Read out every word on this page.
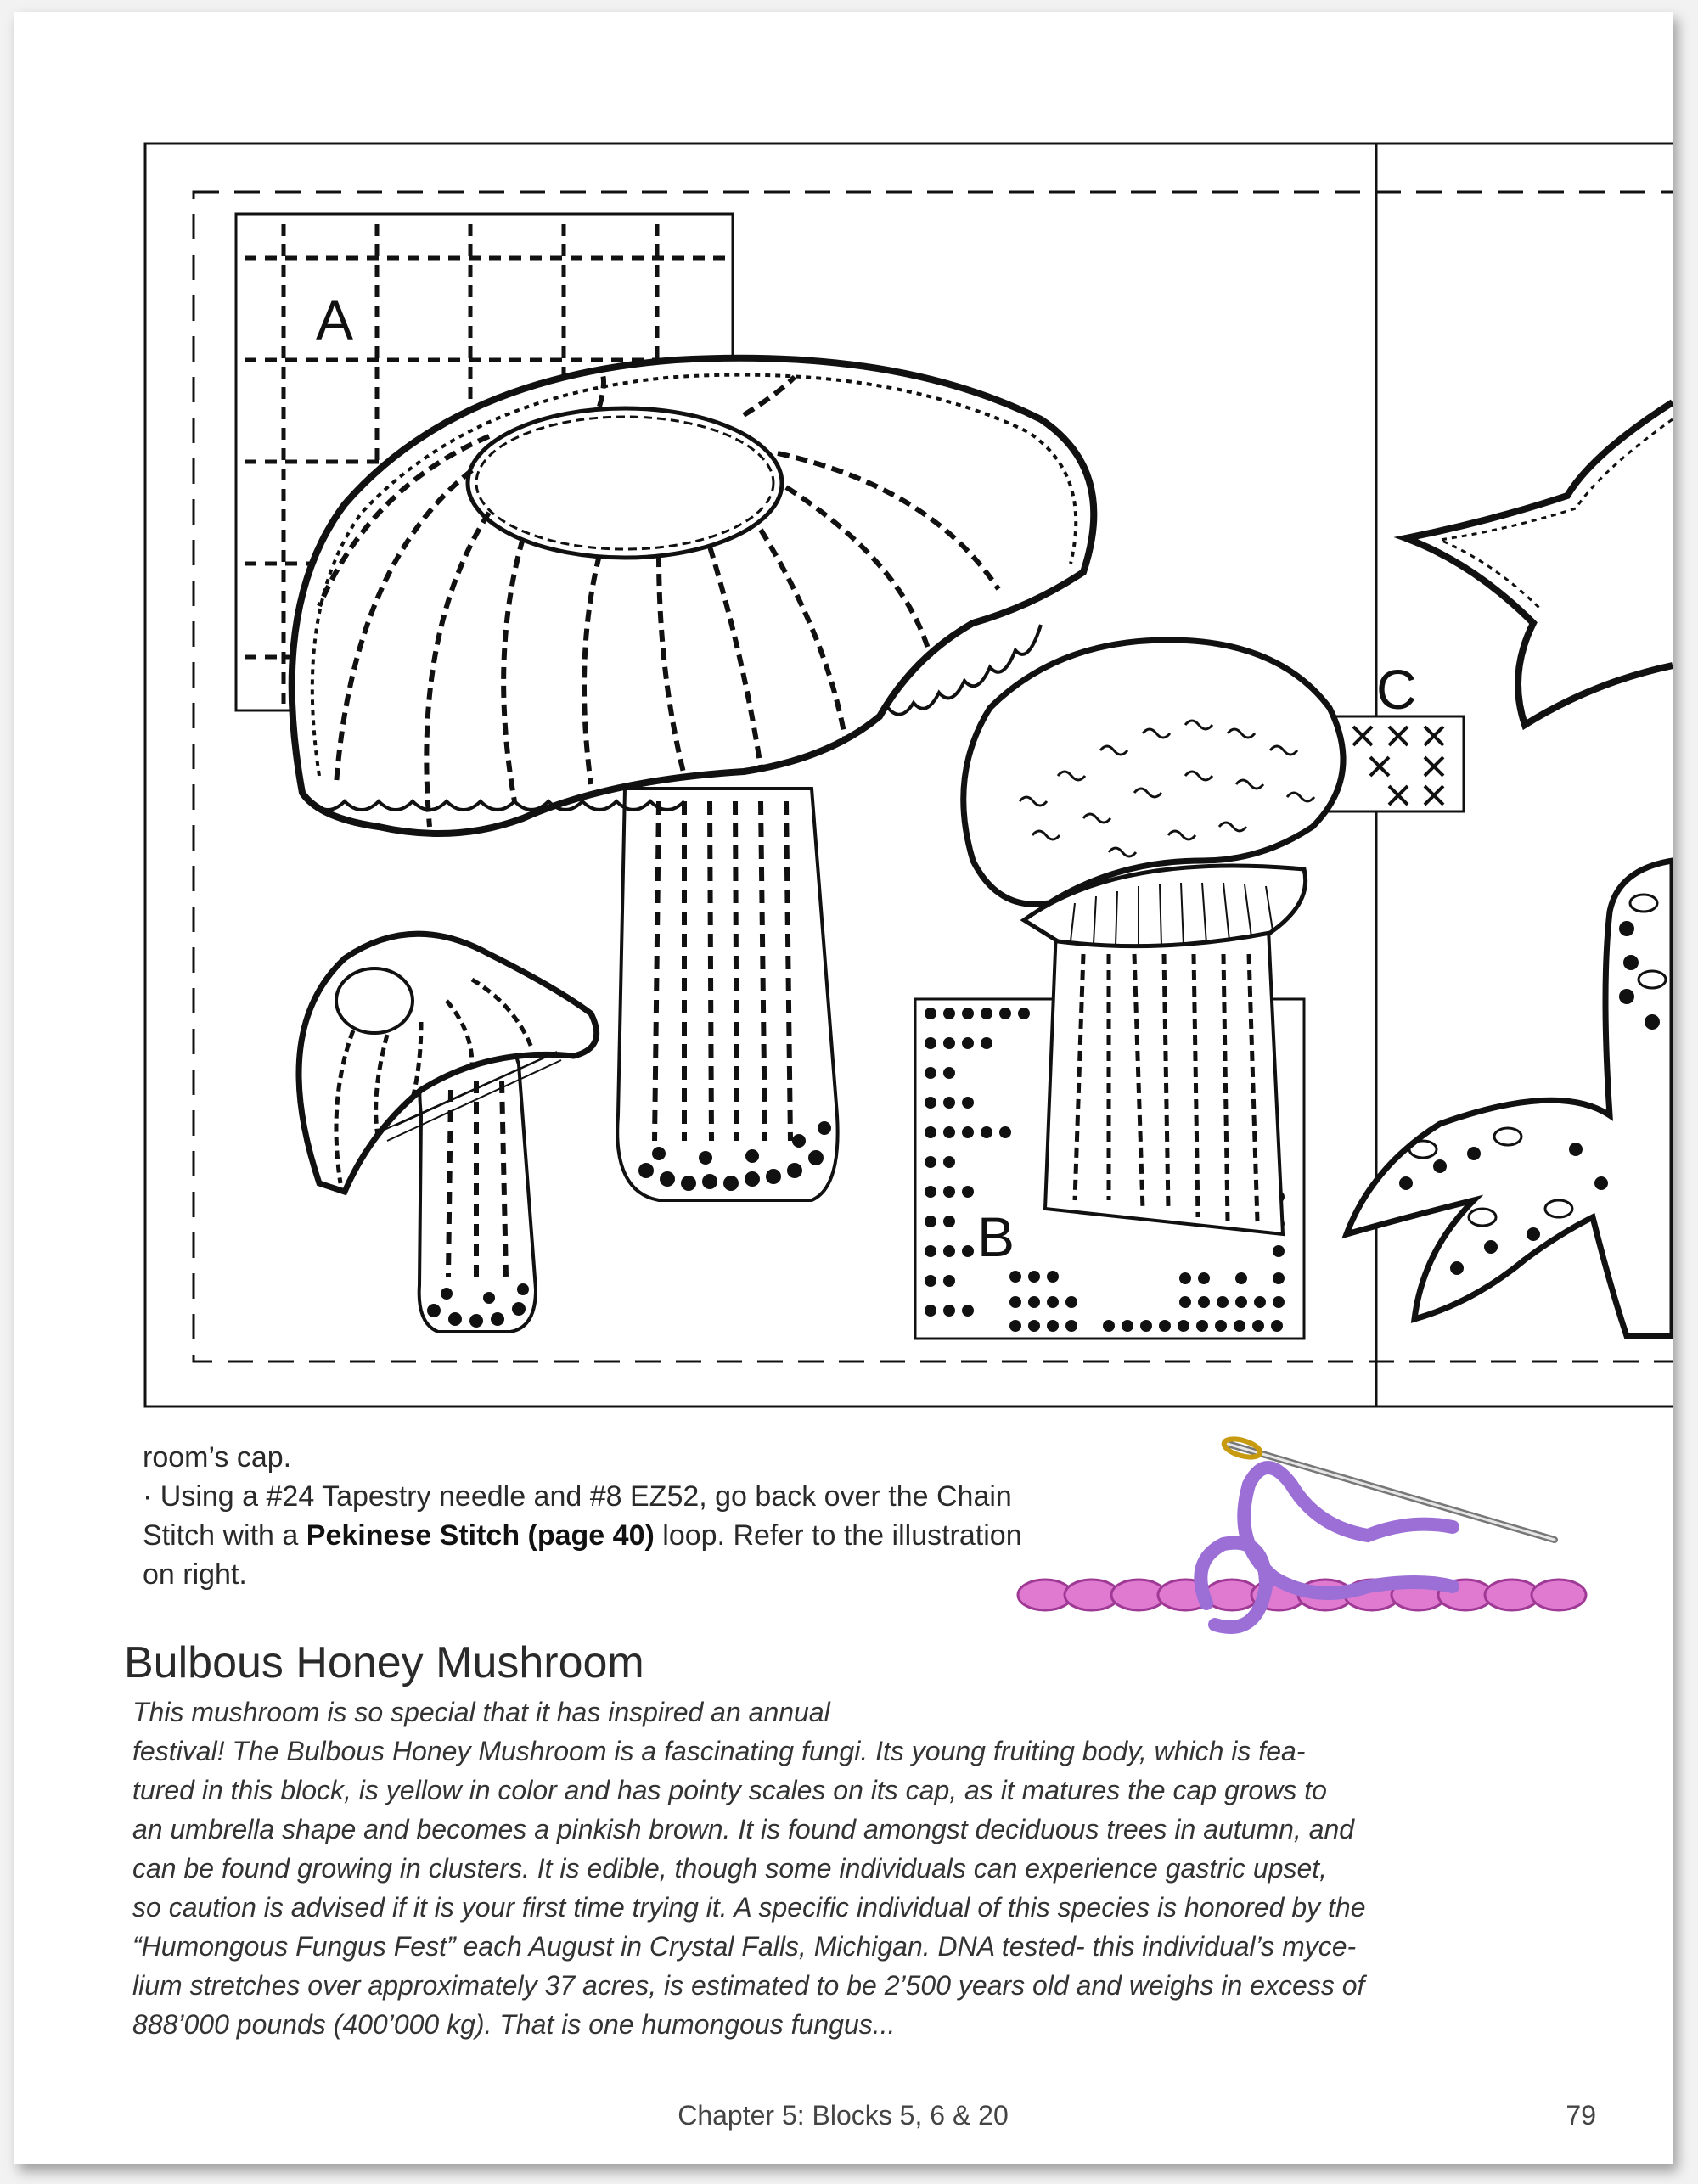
A
B
C

room’s cap.

· Using a #24 Tapestry needle and #8 EZ52, go back over the Chain Stitch with a Pekinese Stitch (page 40) loop. Refer to the illustration on right.

Bulbous Honey Mushroom
This mushroom is so special that it has inspired an annual
festival! The Bulbous Honey Mushroom is a fascinating fungi. Its young fruiting body, which is fea-
tured in this block, is yellow in color and has pointy scales on its cap, as it matures the cap grows to
an umbrella shape and becomes a pinkish brown. It is found amongst deciduous trees in autumn, and
can be found growing in clusters. It is edible, though some individuals can experience gastric upset,
so caution is advised if it is your first time trying it. A specific individual of this species is honored by the
“Humongous Fungus Fest” each August in Crystal Falls, Michigan. DNA tested- this individual’s myce-
lium stretches over approximately 37 acres, is estimated to be 2’500 years old and weighs in excess of
888’000 pounds (400’000 kg). That is one humongous fungus...
Chapter 5: Blocks 5, 6 & 20	79
